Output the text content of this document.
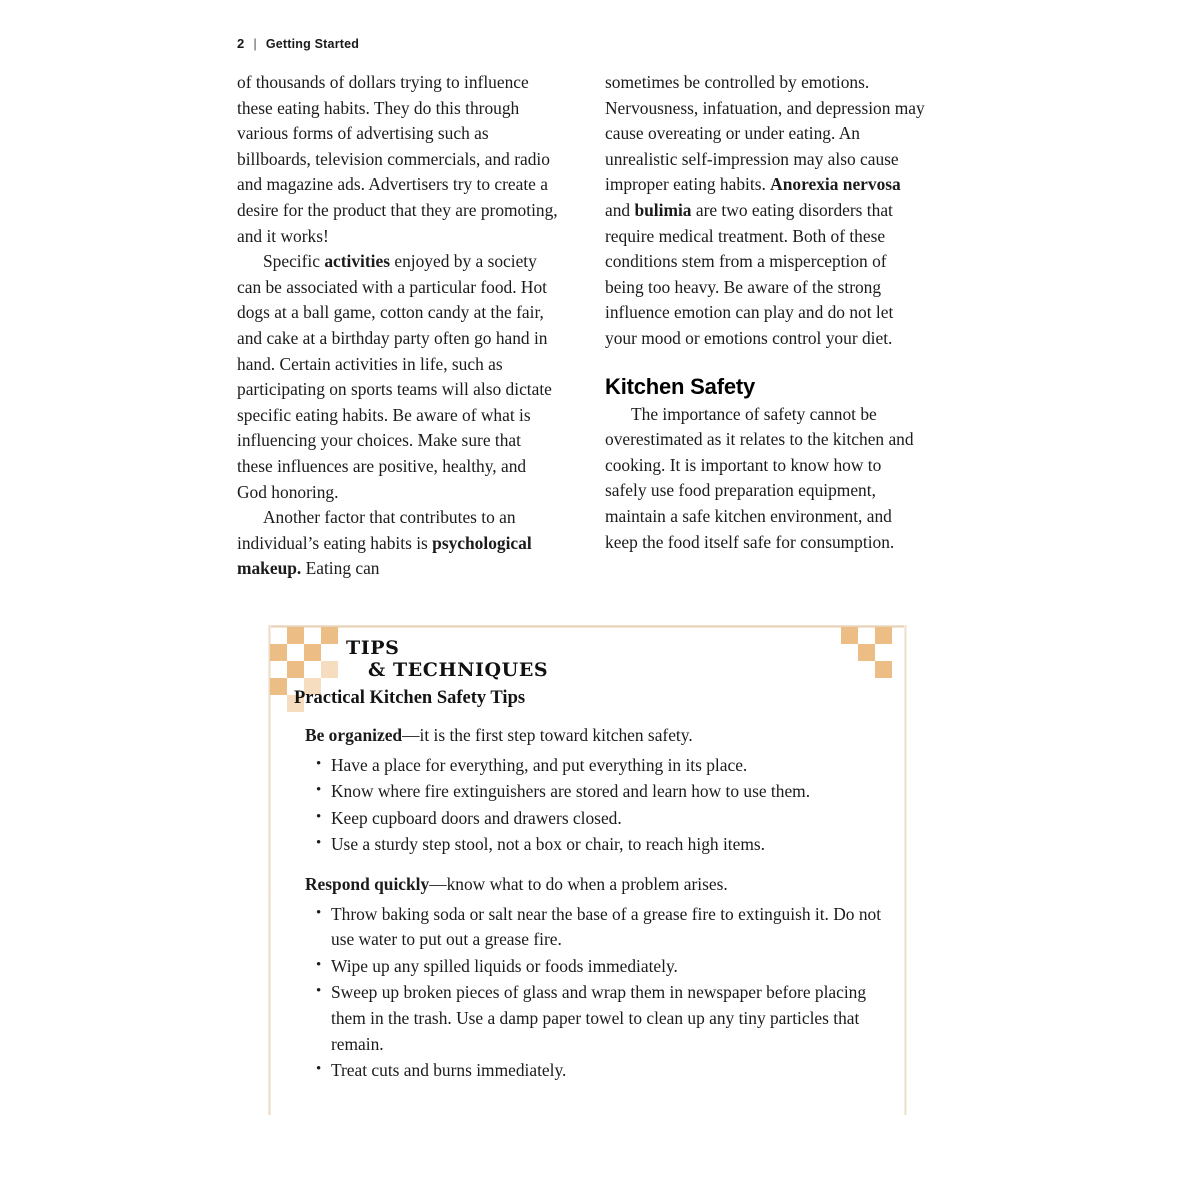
2 | Getting Started

of thousands of dollars trying to influence these eating habits. They do this through various forms of advertising such as billboards, television commercials, and radio and magazine ads. Advertisers try to create a desire for the product that they are promoting, and it works!

Specific activities enjoyed by a society can be associated with a particular food. Hot dogs at a ball game, cotton candy at the fair, and cake at a birthday party often go hand in hand. Certain activities in life, such as participating on sports teams will also dictate specific eating habits. Be aware of what is influencing your choices. Make sure that these influences are positive, healthy, and God honoring.

Another factor that contributes to an individual’s eating habits is psychological makeup. Eating can

sometimes be controlled by emotions. Nervousness, infatuation, and depression may cause overeating or under eating. An unrealistic self-impression may also cause improper eating habits. Anorexia nervosa and bulimia are two eating disorders that require medical treatment. Both of these conditions stem from a misperception of being too heavy. Be aware of the strong influence emotion can play and do not let your mood or emotions control your diet.

Kitchen Safety

The importance of safety cannot be overestimated as it relates to the kitchen and cooking. It is important to know how to safely use food preparation equipment, maintain a safe kitchen environment, and keep the food itself safe for consumption.

TIPS
& TECHNIQUES
Practical Kitchen Safety Tips

Be organized—it is the first step toward kitchen safety.

• Have a place for everything, and put everything in its place.
• Know where fire extinguishers are stored and learn how to use them.
• Keep cupboard doors and drawers closed.
• Use a sturdy step stool, not a box or chair, to reach high items.

Respond quickly—know what to do when a problem arises.

• Throw baking soda or salt near the base of a grease fire to extinguish it. Do not use water to put out a grease fire.
• Wipe up any spilled liquids or foods immediately.
• Sweep up broken pieces of glass and wrap them in newspaper before placing them in the trash. Use a damp paper towel to clean up any tiny particles that remain.
• Treat cuts and burns immediately.
